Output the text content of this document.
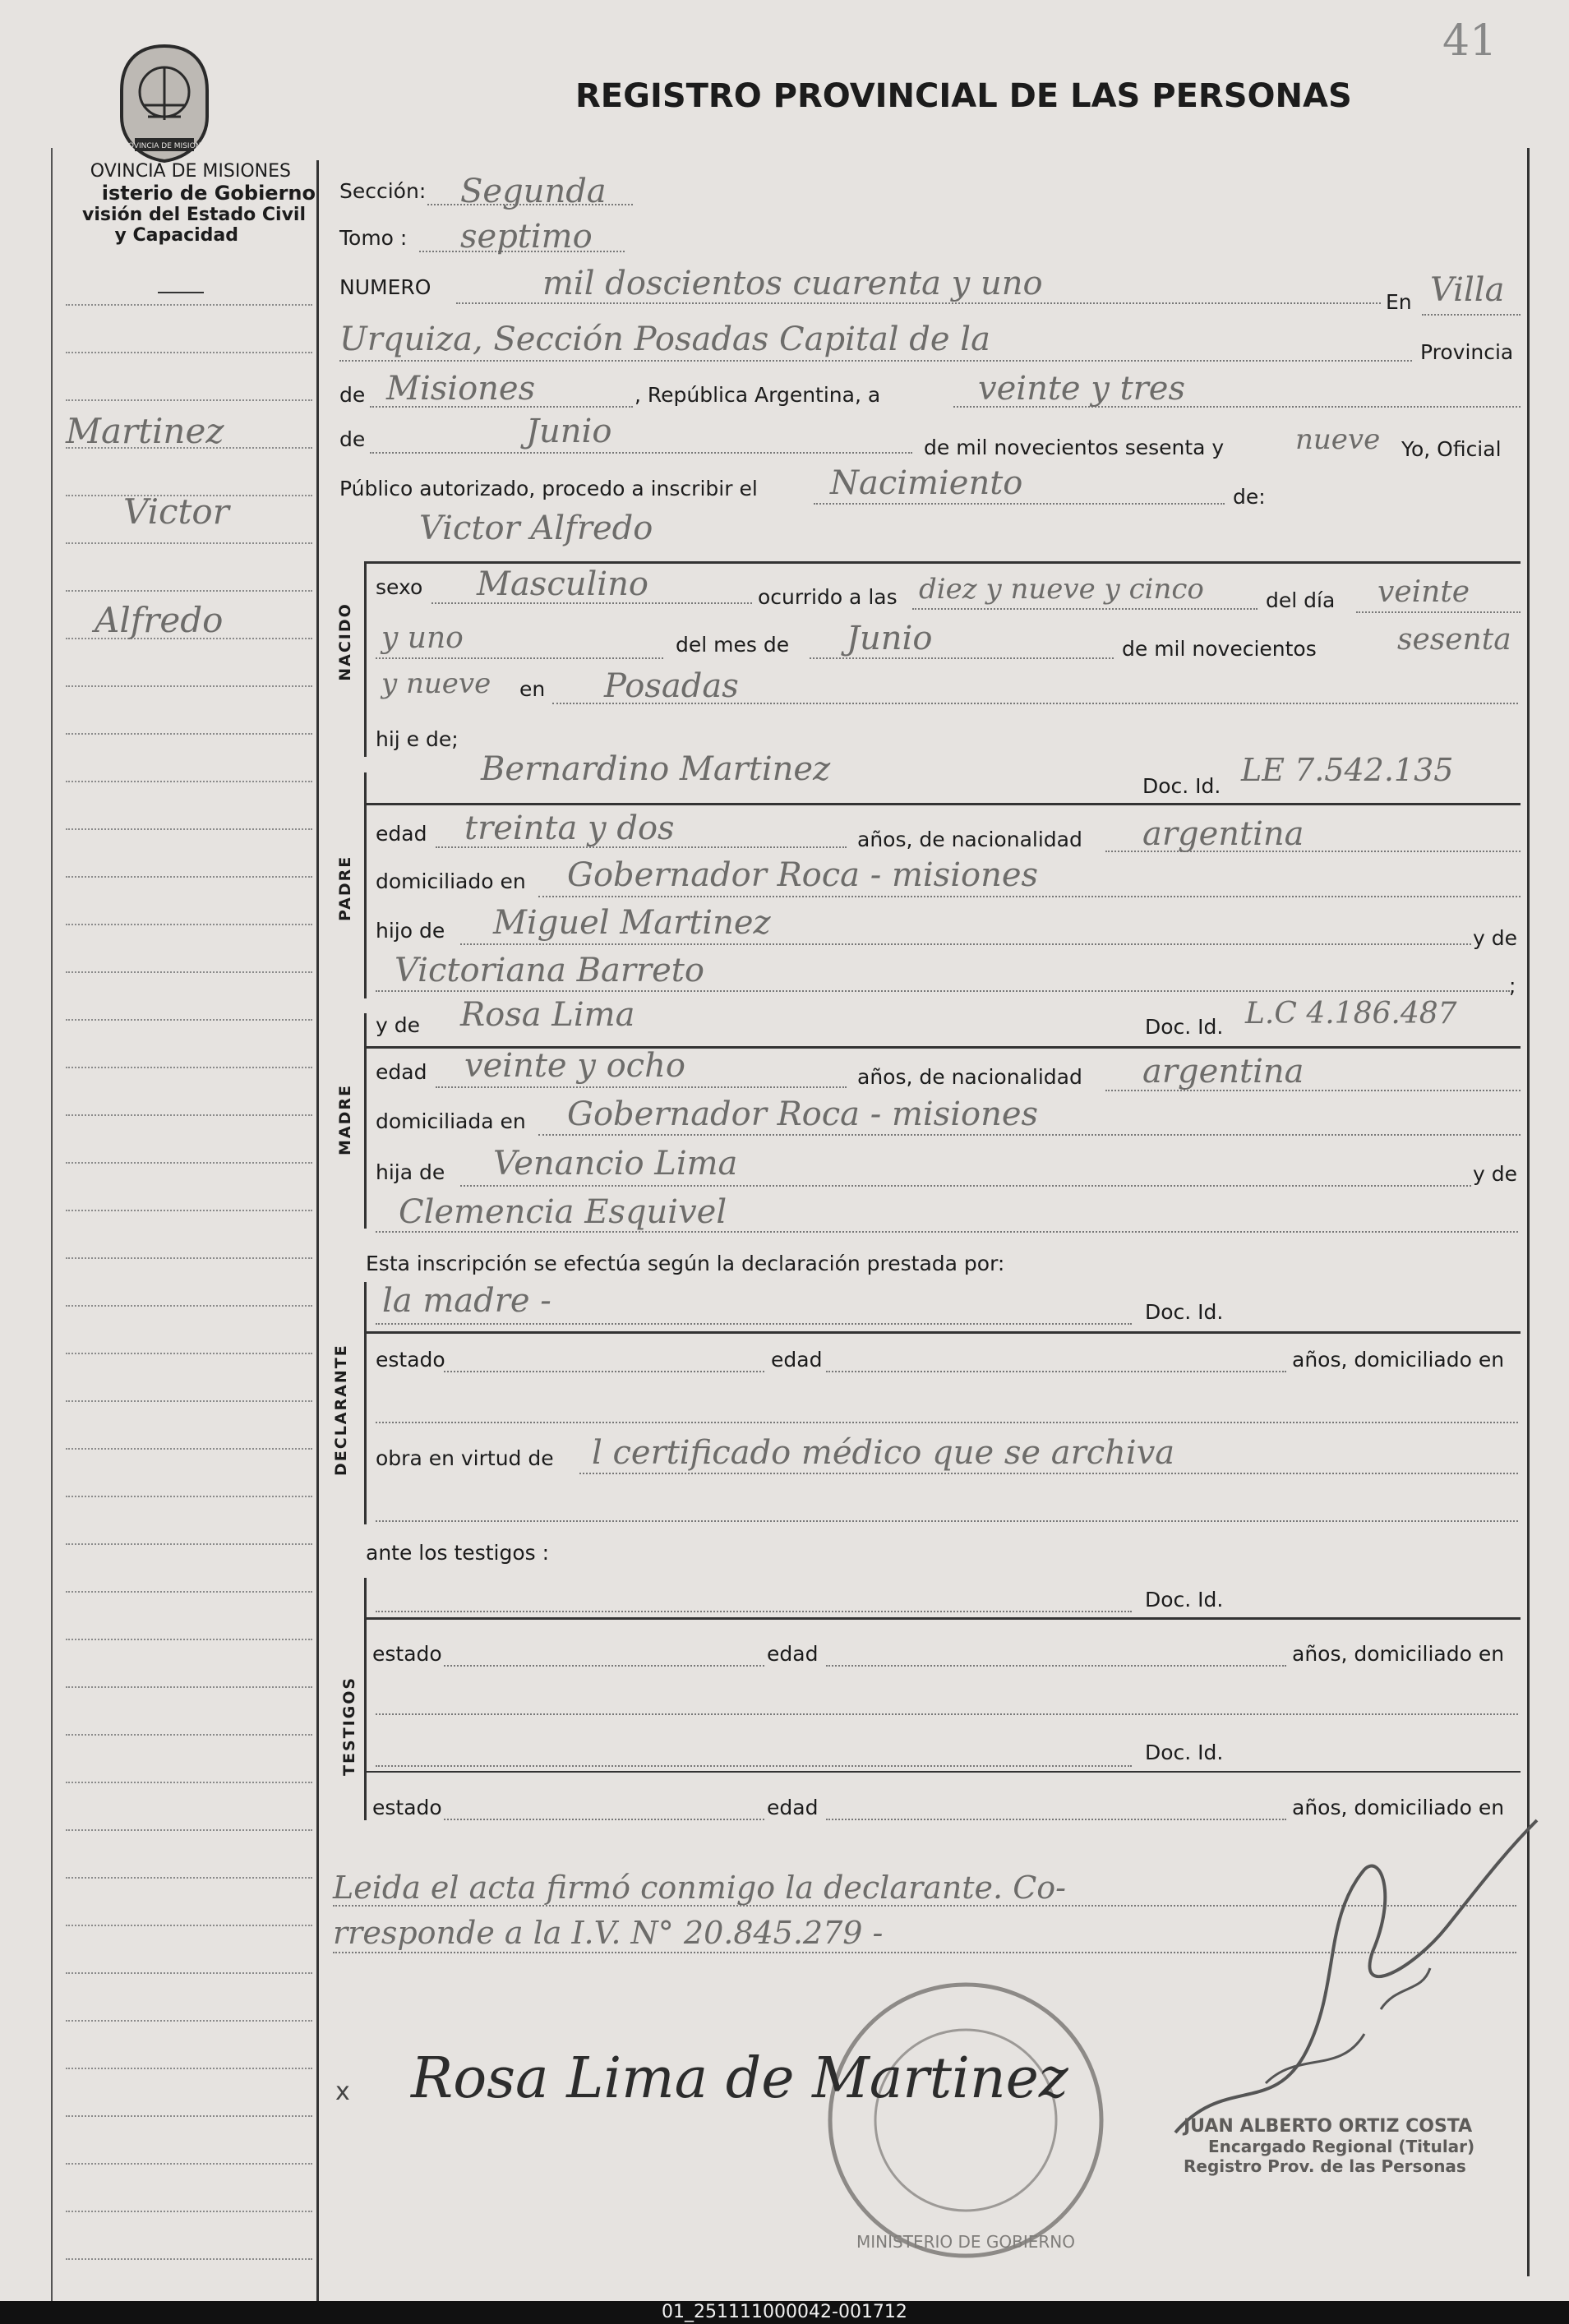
41
PROVINCIA DE MISIONES
OVINCIA DE MISIONES
isterio de Gobierno
visión del Estado Civil
y Capacidad
REGISTRO PROVINCIAL DE LAS PERSONAS
Martinez
Victor
Alfredo
Sección: Segunda
Tomo : septimo
NUMERO	mil doscientos cuarenta y uno	En Villa
Urquiza, Sección Posadas Capital de la	Provincia
de Misiones	, República Argentina, a	veinte y tres
de	Junio	de mil novecientos sesenta y	nueve Yo, Oficial
Público autorizado, procedo a inscribir el Nacimiento	de:
Victor Alfredo
NACIDO
sexo Masculino	ocurrido a las diez y nueve y cinco	del día veinte
y uno	del mes de Junio	de mil novecientos	sesenta
y nueve en Posadas
hij e de;
PADRE
Bernardino Martinez	Doc. Id. LE 7.542.135
edad treinta y dos	años, de nacionalidad argentina
domiciliado en Gobernador Roca - misiones
hijo de Miguel Martinez	y de
Victoriana Barreto	;
MADRE
y de Rosa Lima	Doc. Id. L.C 4.186.487
edad veinte y ocho	años, de nacionalidad argentina
domiciliada en Gobernador Roca - misiones
hija de Venancio Lima	y de
Clemencia Esquivel
Esta inscripción se efectúa según la declaración prestada por:
DECLARANTE
la madre -	Doc. Id.
estado	edad	años, domiciliado en
obra en virtud de l certificado médico que se archiva
ante los testigos :
TESTIGOS
Doc. Id.
estado	edad	años, domiciliado en
Doc. Id.
estado	edad	años, domiciliado en
Leida el acta firmó conmigo la declarante. Co-
rresponde a la I.V. N° 20.845.279 -
MINISTERIO DE GOBIERNO
x Rosa Lima de Martinez
JUAN ALBERTO ORTIZ COSTA
Encargado Regional (Titular)
Registro Prov. de las Personas
01_251111000042-001712
